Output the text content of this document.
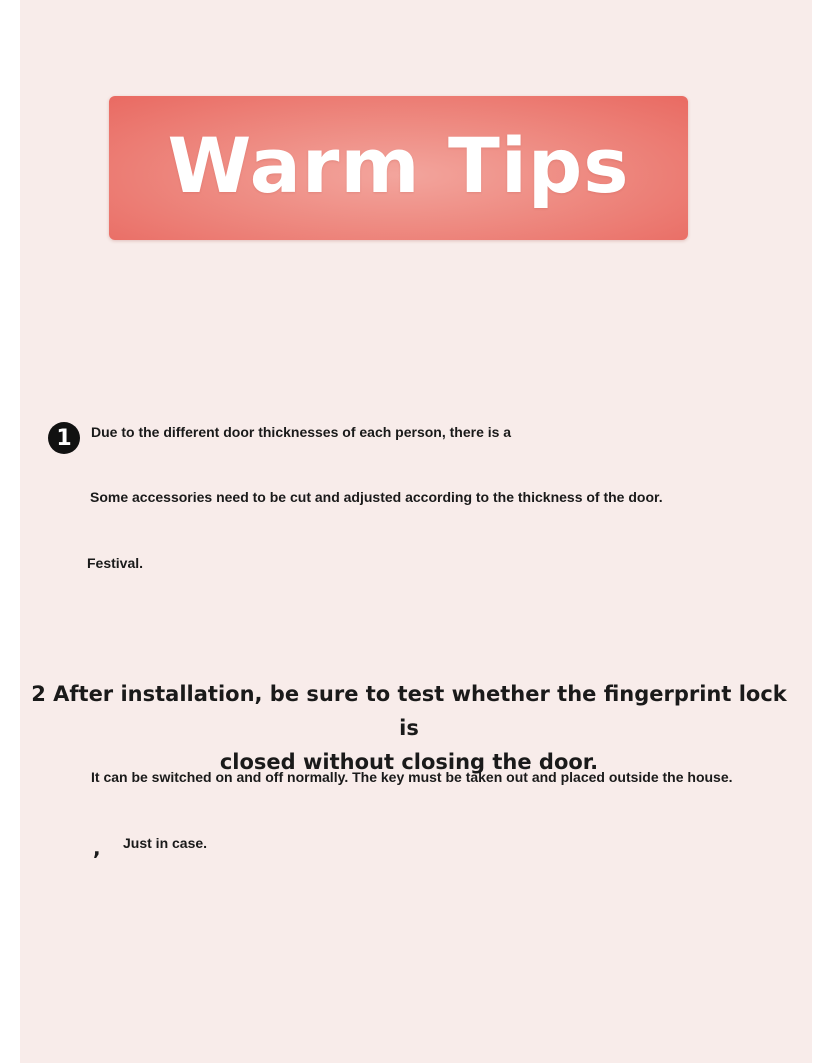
Warm Tips
1	Due to the different door thicknesses of each person, there is a
Some accessories need to be cut and adjusted according to the thickness of the door.
Festival.
2 After installation, be sure to test whether the fingerprint lock is
closed without closing the door.
It can be switched on and off normally. The key must be taken out and placed outside the house.
, Just in case.
